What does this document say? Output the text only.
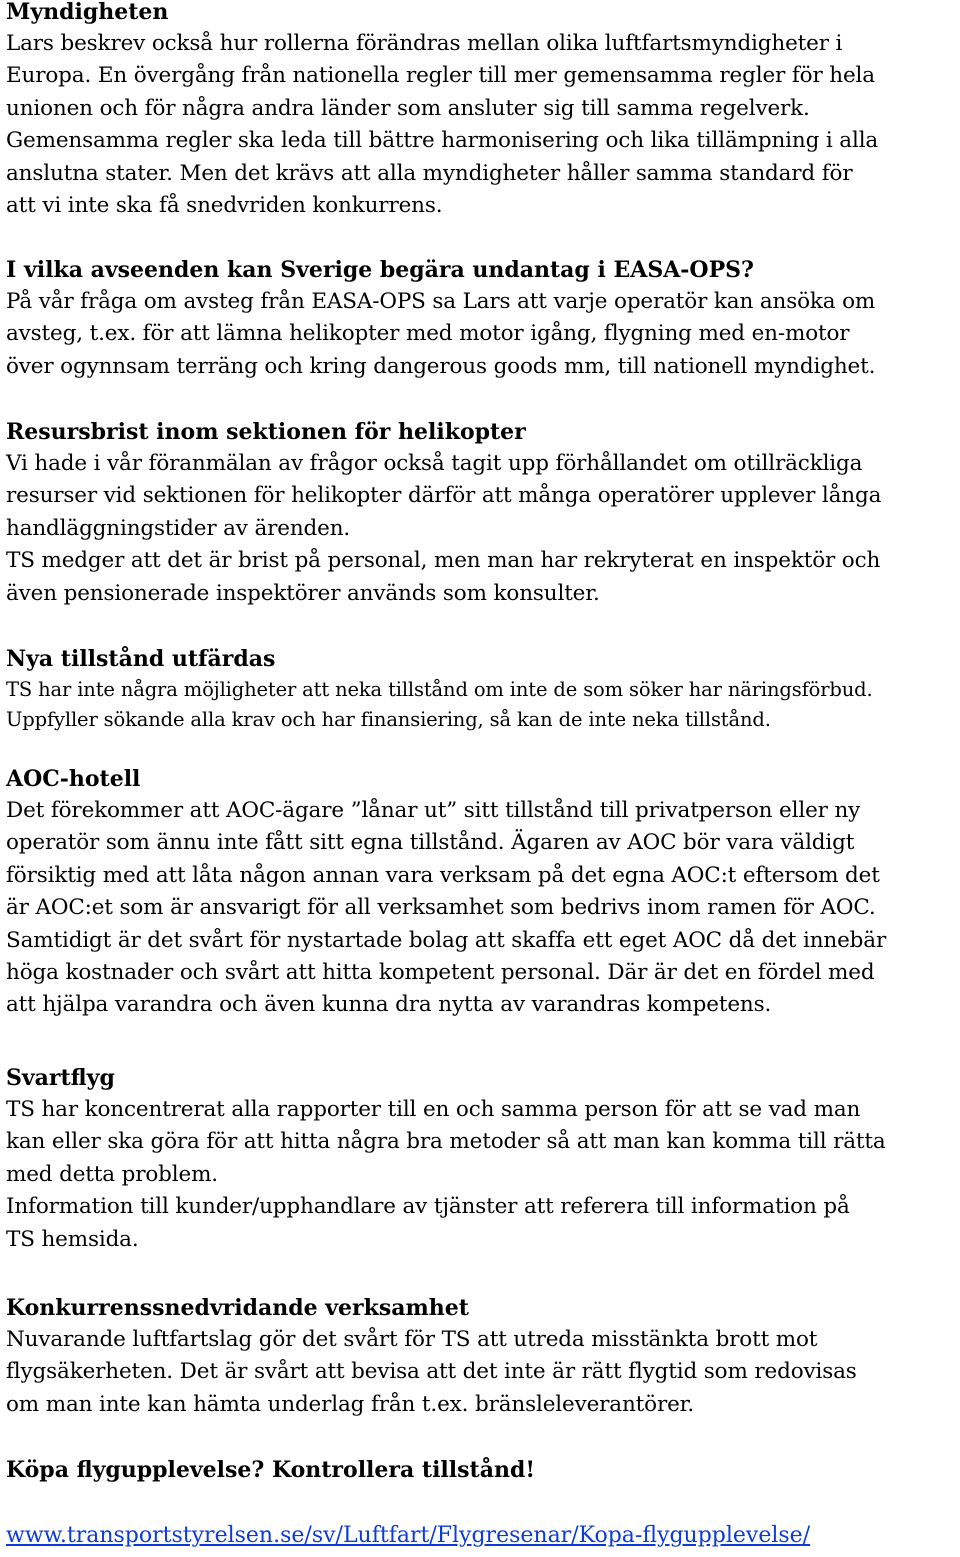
Myndigheten

Lars beskrev också hur rollerna förändras mellan olika luftfartsmyndigheter i

Europa. En övergång från nationella regler till mer gemensamma regler för hela

unionen och för några andra länder som ansluter sig till samma regelverk.

Gemensamma regler ska leda till bättre harmonisering och lika tillämpning i alla

anslutna stater. Men det krävs att alla myndigheter håller samma standard för

att vi inte ska få snedvriden konkurrens.

I vilka avseenden kan Sverige begära undantag i EASA-OPS?

På vår fråga om avsteg från EASA-OPS sa Lars att varje operatör kan ansöka om

avsteg, t.ex. för att lämna helikopter med motor igång, flygning med en-motor

över ogynnsam terräng och kring dangerous goods mm, till nationell myndighet.

Resursbrist inom sektionen för helikopter

Vi hade i vår föranmälan av frågor också tagit upp förhållandet om otillräckliga

resurser vid sektionen för helikopter därför att många operatörer upplever långa

handläggningstider av ärenden.

TS medger att det är brist på personal, men man har rekryterat en inspektör och

även pensionerade inspektörer används som konsulter.

Nya tillstånd utfärdas

TS har inte några möjligheter att neka tillstånd om inte de som söker har näringsförbud.

Uppfyller sökande alla krav och har finansiering, så kan de inte neka tillstånd.

AOC-hotell

Det förekommer att AOC-ägare ”lånar ut” sitt tillstånd till privatperson eller ny

operatör som ännu inte fått sitt egna tillstånd. Ägaren av AOC bör vara väldigt

försiktig med att låta någon annan vara verksam på det egna AOC:t eftersom det

är AOC:et som är ansvarigt för all verksamhet som bedrivs inom ramen för AOC.

Samtidigt är det svårt för nystartade bolag att skaffa ett eget AOC då det innebär

höga kostnader och svårt att hitta kompetent personal. Där är det en fördel med

att hjälpa varandra och även kunna dra nytta av varandras kompetens.

Svartflyg

TS har koncentrerat alla rapporter till en och samma person för att se vad man

kan eller ska göra för att hitta några bra metoder så att man kan komma till rätta

med detta problem.

Information till kunder/upphandlare av tjänster att referera till information på

TS hemsida.

Konkurrenssnedvridande verksamhet

Nuvarande luftfartslag gör det svårt för TS att utreda misstänkta brott mot

flygsäkerheten. Det är svårt att bevisa att det inte är rätt flygtid som redovisas

om man inte kan hämta underlag från t.ex. bränsleleverantörer.

Köpa flygupplevelse? Kontrollera tillstånd!

www.transportstyrelsen.se/sv/Luftfart/Flygresenar/Kopa-flygupplevelse/
